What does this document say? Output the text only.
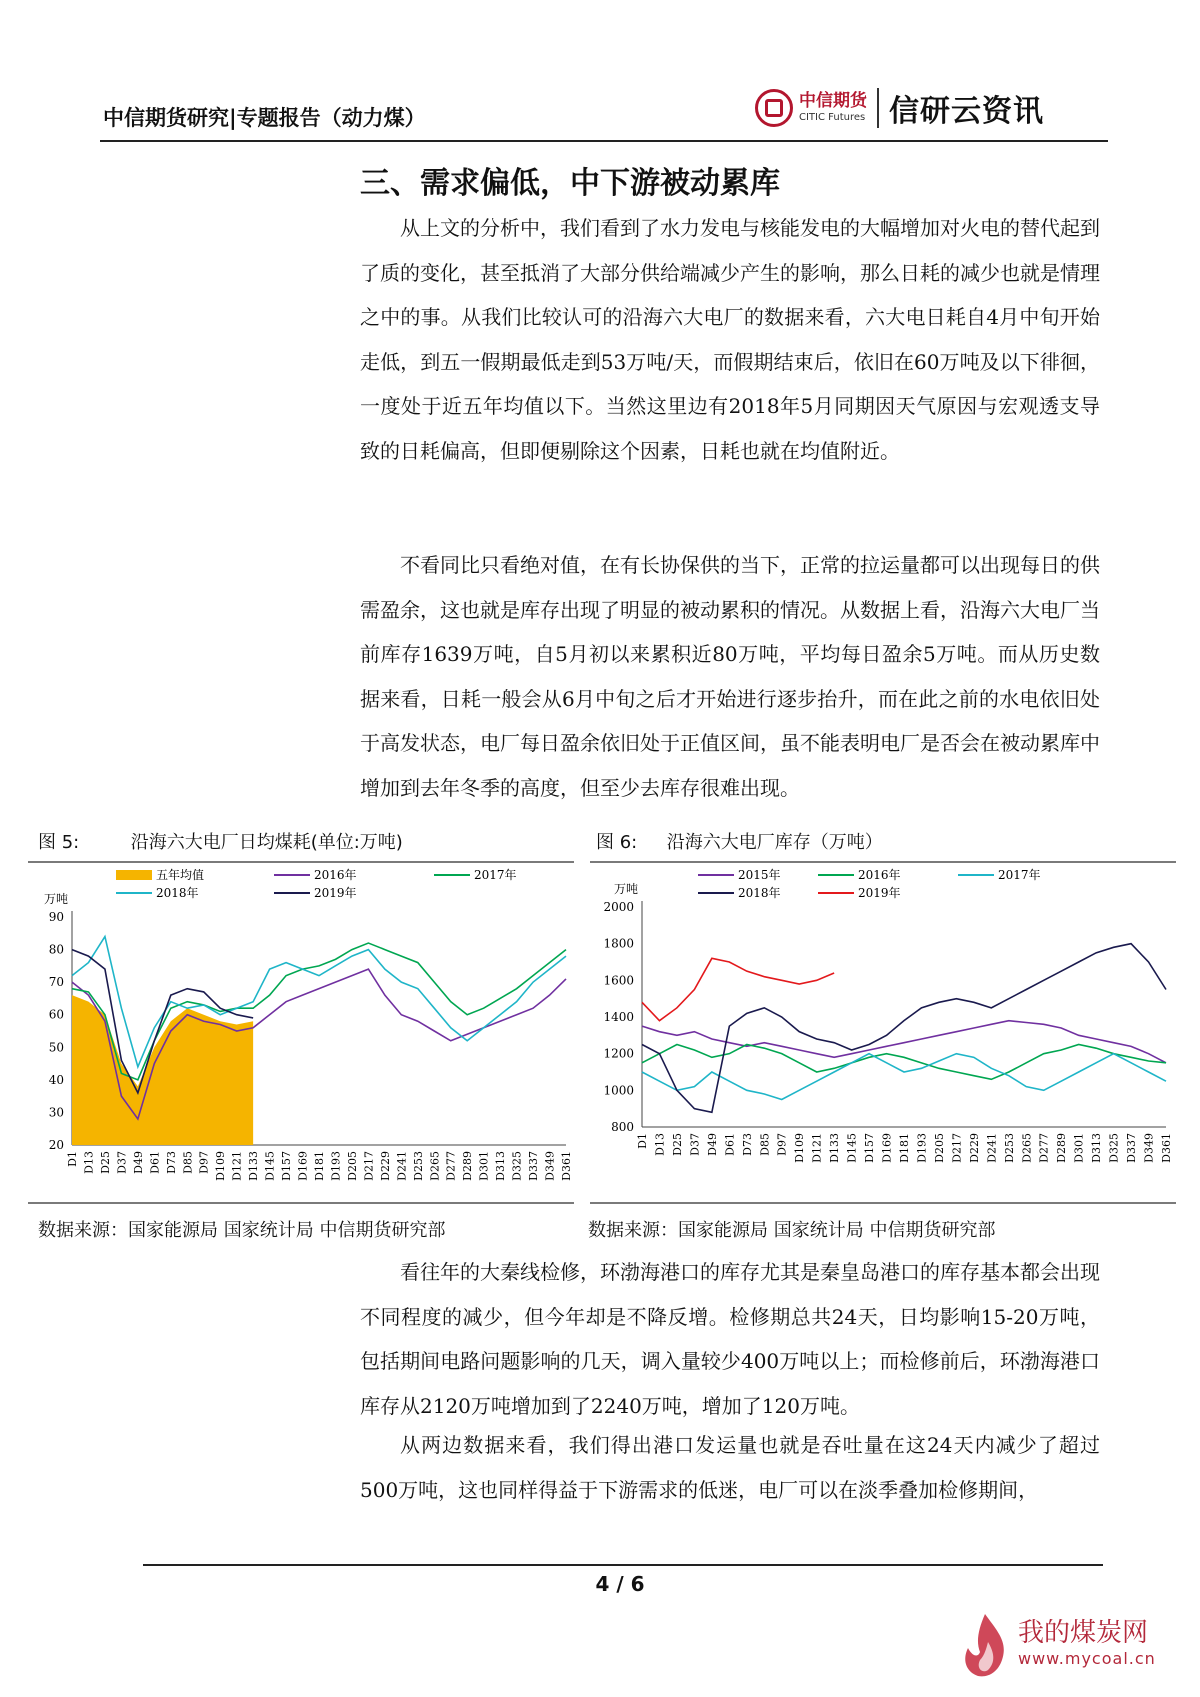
中信期货研究|专题报告（动力煤）
中信期货
CITIC Futures 信研云资讯
三、需求偏低，中下游被动累库

从上文的分析中，我们看到了水力发电与核能发电的大幅增加对火电的替代起到了质的变化，甚至抵消了大部分供给端减少产生的影响，那么日耗的减少也就是情理之中的事。从我们比较认可的沿海六大电厂的数据来看，六大电日耗自4月中旬开始走低，到五一假期最低走到53万吨/天，而假期结束后，依旧在60万吨及以下徘徊，一度处于近五年均值以下。当然这里边有2018年5月同期因天气原因与宏观透支导致的日耗偏高，但即便剔除这个因素，日耗也就在均值附近。

不看同比只看绝对值，在有长协保供的当下，正常的拉运量都可以出现每日的供需盈余，这也就是库存出现了明显的被动累积的情况。从数据上看，沿海六大电厂当前库存1639万吨，自5月初以来累积近80万吨，平均每日盈余5万吨。而从历史数据来看，日耗一般会从6月中旬之后才开始进行逐步抬升，而在此之前的水电依旧处于高发状态，电厂每日盈余依旧处于正值区间，虽不能表明电厂是否会在被动累库中增加到去年冬季的高度，但至少去库存很难出现。

图 5:	沿海六大电厂日均煤耗(单位:万吨)	图 6: 沿海六大电厂库存（万吨）
万吨
90
80
70
60
50
40
30
20
D1 D13 D25 D37 D49 D61 D73 D85 D97 D109 D121 D133 D145 D157 D169 D181 D193 D205 D217 D229 D241 D253 D265 D277 D289 D301 D313 D325 D337 D349 D361
五年均值	2016年	2017年
2018年	2019年	万吨
2000
1800
1600
1400
1200
1000
800
D1 D13 D25 D37 D49 D61 D73 D85 D97 D109 D121 D133 D145 D157 D169 D181 D193 D205 D217 D229 D241 D253 D265 D277 D289 D301 D313 D325 D337 D349 D361
2015年	2016年	2017年
2018年	2019年
数据来源：国家能源局 国家统计局 中信期货研究部	数据来源：国家能源局 国家统计局 中信期货研究部

看往年的大秦线检修，环渤海港口的库存尤其是秦皇岛港口的库存基本都会出现不同程度的减少，但今年却是不降反增。检修期总共24天，日均影响15-20万吨，包括期间电路问题影响的几天，调入量较少400万吨以上；而检修前后，环渤海港口库存从2120万吨增加到了2240万吨，增加了120万吨。

从两边数据来看，我们得出港口发运量也就是吞吐量在这24天内减少了超过500万吨，这也同样得益于下游需求的低迷，电厂可以在淡季叠加检修期间，

4 / 6
我的煤炭网
www.mycoal.cn
